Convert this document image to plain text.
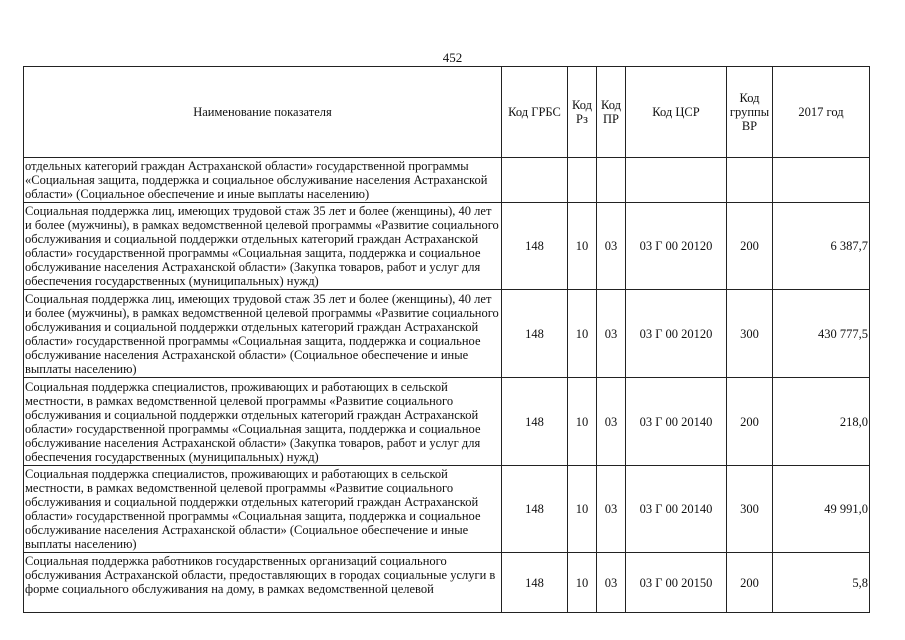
452
Наименование показателя	Код ГРБС	Код Рз	Код ПР	Код ЦСР	Код группы ВР	2017 год
отдельных категорий граждан Астраханской области» государственной программы «Социальная защита, поддержка и социальное обслуживание населения Астраханской области» (Социальное обеспечение и иные выплаты населению)						
Социальная поддержка лиц, имеющих трудовой стаж 35 лет и более (женщины), 40 лет и более (мужчины), в рамках ведомственной целевой программы «Развитие социального обслуживания и социальной поддержки отдельных категорий граждан Астраханской области» государственной программы «Социальная защита, поддержка и социальное обслуживание населения Астраханской области» (Закупка товаров, работ и услуг для обеспечения государственных (муниципальных) нужд)	148	10	03	03 Г 00 20120	200	6 387,7
Социальная поддержка лиц, имеющих трудовой стаж 35 лет и более (женщины), 40 лет и более (мужчины), в рамках ведомственной целевой программы «Развитие социального обслуживания и социальной поддержки отдельных категорий граждан Астраханской области» государственной программы «Социальная защита, поддержка и социальное обслуживание населения Астраханской области» (Социальное обеспечение и иные выплаты населению)	148	10	03	03 Г 00 20120	300	430 777,5
Социальная поддержка специалистов, проживающих и работающих в сельской местности, в рамках ведомственной целевой программы «Развитие социального обслуживания и социальной поддержки отдельных категорий граждан Астраханской области» государственной программы «Социальная защита, поддержка и социальное обслуживание населения Астраханской области» (Закупка товаров, работ и услуг для обеспечения государственных (муниципальных) нужд)	148	10	03	03 Г 00 20140	200	218,0
Социальная поддержка специалистов, проживающих и работающих в сельской местности, в рамках ведомственной целевой программы «Развитие социального обслуживания и социальной поддержки отдельных категорий граждан Астраханской области» государственной программы «Социальная защита, поддержка и социальное обслуживание населения Астраханской области» (Социальное обеспечение и иные выплаты населению)	148	10	03	03 Г 00 20140	300	49 991,0
Социальная поддержка работников государственных организаций социального обслуживания Астраханской области, предоставляющих в городах социальные услуги в форме социального обслуживания на дому, в рамках ведомственной целевой	148	10	03	03 Г 00 20150	200	5,8
